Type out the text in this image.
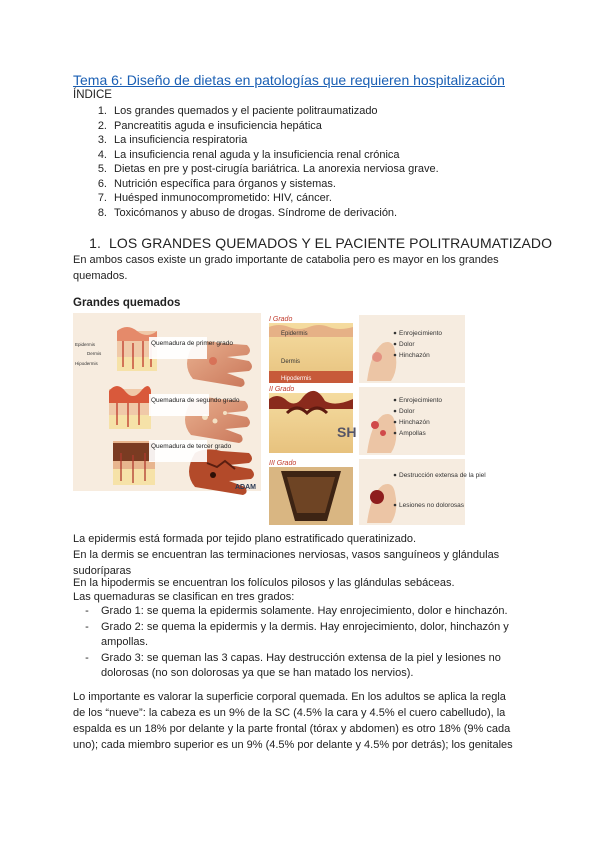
Tema 6: Diseño de dietas en patologías que requieren hospitalización
ÍNDICE
1. Los grandes quemados y el paciente politraumatizado
2. Pancreatitis aguda e insuficiencia hepática
3. La insuficiencia respiratoria
4. La insuficiencia renal aguda y la insuficiencia renal crónica
5. Dietas en pre y post-cirugía bariátrica. La anorexia nerviosa grave.
6. Nutrición específica para órganos y sistemas.
7. Huésped inmunocomprometido: HIV, cáncer.
8. Toxicómanos y abuso de drogas. Síndrome de derivación.
1. LOS GRANDES QUEMADOS Y EL PACIENTE POLITRAUMATIZADO
En ambos casos existe un grado importante de catabolia pero es mayor en los grandes quemados.
Grandes quemados
Epidermis
Dermis
Hipodermis
Quemadura de primer grado
Quemadura de segundo grado
Quemadura de tercer grado
ADAM
I Grado
Epidermis
Dermis
Hipodermis
II Grado
SH
III Grado
Enrojecimiento
Dolor
Hinchazón
Enrojecimiento
Dolor
Hinchazón
Ampollas
Destrucción extensa de la piel
Lesiones no dolorosas
La epidermis está formada por tejido plano estratificado queratinizado.
En la dermis se encuentran las terminaciones nerviosas, vasos sanguíneos y glándulas sudoríparas
En la hipodermis se encuentran los folículos pilosos y las glándulas sebáceas.
Las quemaduras se clasifican en tres grados:
-	Grado 1: se quema la epidermis solamente. Hay enrojecimiento, dolor e hinchazón.
-	Grado 2: se quema la epidermis y la dermis. Hay enrojecimiento, dolor, hinchazón y ampollas.
-	Grado 3: se queman las 3 capas. Hay destrucción extensa de la piel y lesiones no dolorosas (no son dolorosas ya que se han matado los nervios).
Lo importante es valorar la superficie corporal quemada. En los adultos se aplica la regla de los “nueve”: la cabeza es un 9% de la SC (4.5% la cara y 4.5% el cuero cabelludo), la espalda es un 18% por delante y la parte frontal (tórax y abdomen) es otro 18% (9% cada uno); cada miembro superior es un 9% (4.5% por delante y 4.5% por detrás); los genitales
